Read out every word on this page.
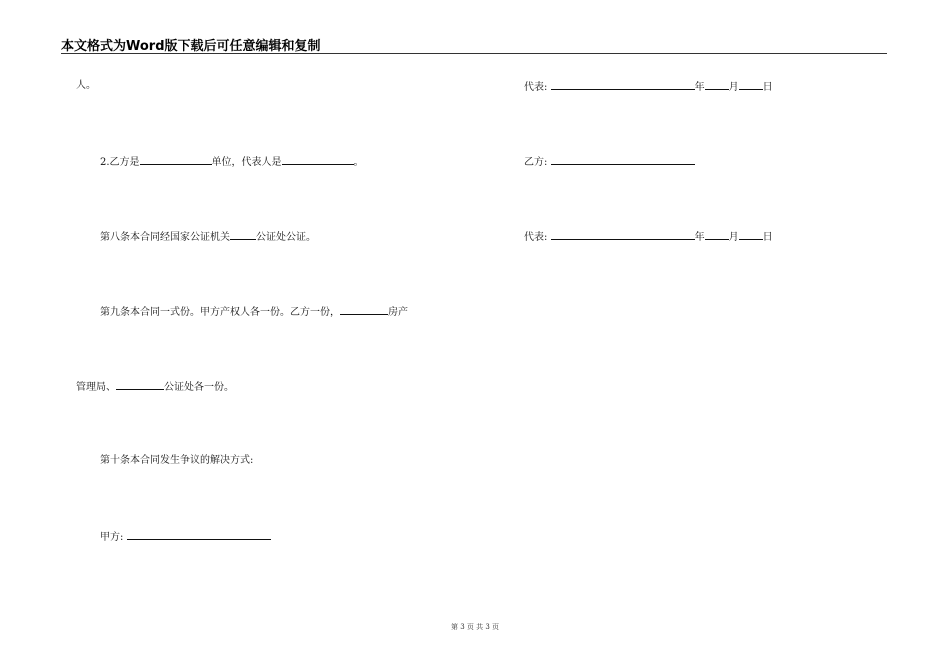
本文格式为Word版下载后可任意编辑和复制
人。
2.乙方是	单位，代表人是	。
第八条本合同经国家公证机关	公证处公证。
第九条本合同一式份。甲方产权人各一份。乙方一份，	房产
管理局、	公证处各一份。
第十条本合同发生争议的解决方式:
甲方:
代表:	年 月 日
乙方:
代表:	年 月 日
第 3 页 共 3 页
